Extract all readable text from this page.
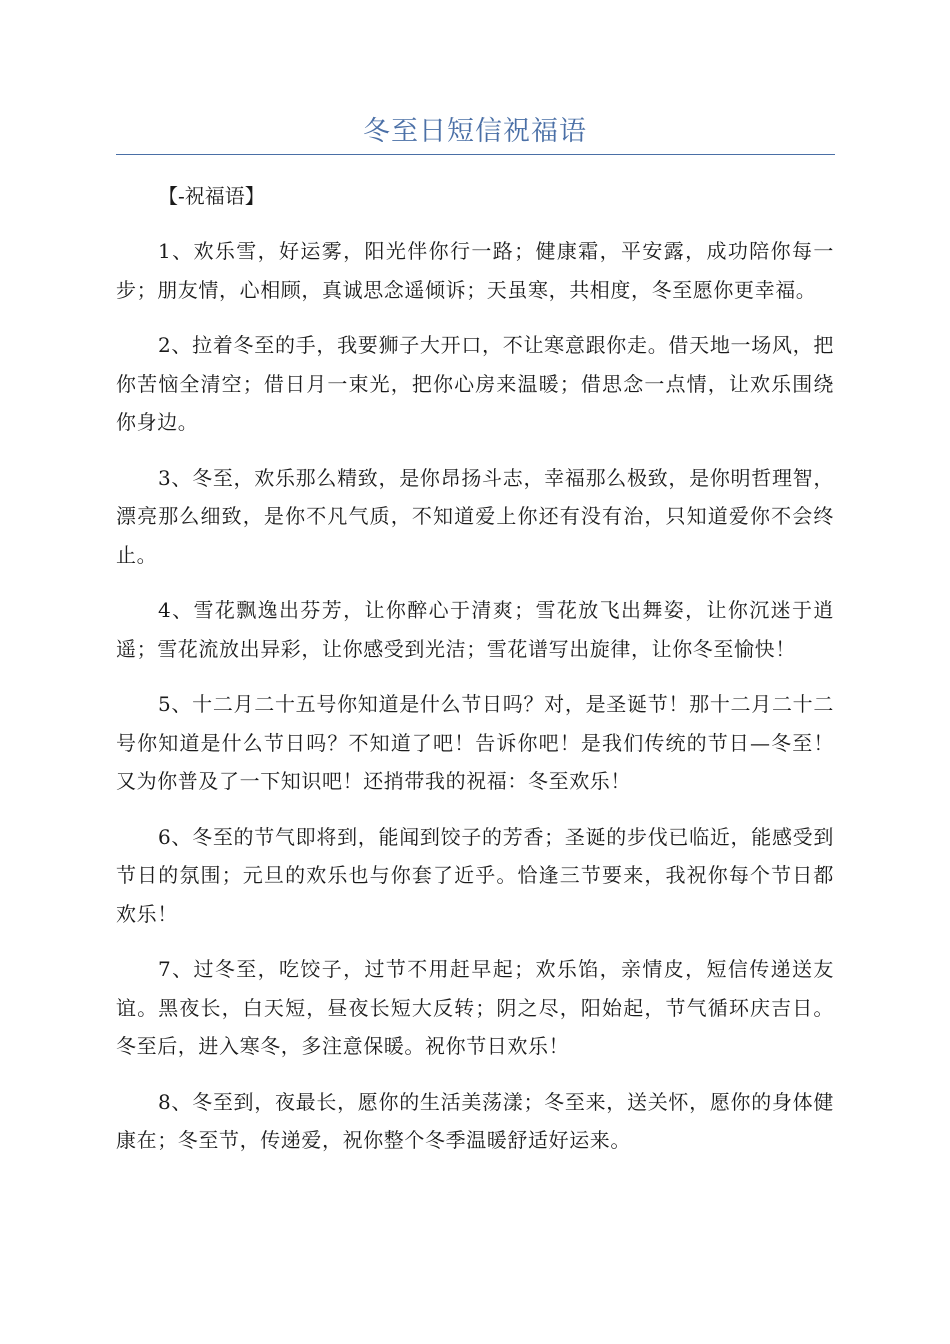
冬至日短信祝福语

【-祝福语】

1、欢乐雪，好运雾，阳光伴你行一路；健康霜，平安露，成功陪你每一步；朋友情，心相顾，真诚思念遥倾诉；天虽寒，共相度，冬至愿你更幸福。

2、拉着冬至的手，我要狮子大开口，不让寒意跟你走。借天地一场风，把你苦恼全清空；借日月一束光，把你心房来温暖；借思念一点情，让欢乐围绕你身边。

3、冬至，欢乐那么精致，是你昂扬斗志，幸福那么极致，是你明哲理智，漂亮那么细致，是你不凡气质，不知道爱上你还有没有治，只知道爱你不会终止。

4、雪花飘逸出芬芳，让你醉心于清爽；雪花放飞出舞姿，让你沉迷于逍遥；雪花流放出异彩，让你感受到光洁；雪花谱写出旋律，让你冬至愉快！

5、十二月二十五号你知道是什么节日吗？对，是圣诞节！那十二月二十二号你知道是什么节日吗？不知道了吧！告诉你吧！是我们传统的节日—冬至！又为你普及了一下知识吧！还捎带我的祝福：冬至欢乐！

6、冬至的节气即将到，能闻到饺子的芳香；圣诞的步伐已临近，能感受到节日的氛围；元旦的欢乐也与你套了近乎。恰逢三节要来，我祝你每个节日都欢乐！

7、过冬至，吃饺子，过节不用赶早起；欢乐馅，亲情皮，短信传递送友谊。黑夜长，白天短，昼夜长短大反转；阴之尽，阳始起，节气循环庆吉日。冬至后，进入寒冬，多注意保暖。祝你节日欢乐！

8、冬至到，夜最长，愿你的生活美荡漾；冬至来，送关怀，愿你的身体健康在；冬至节，传递爱，祝你整个冬季温暖舒适好运来。
